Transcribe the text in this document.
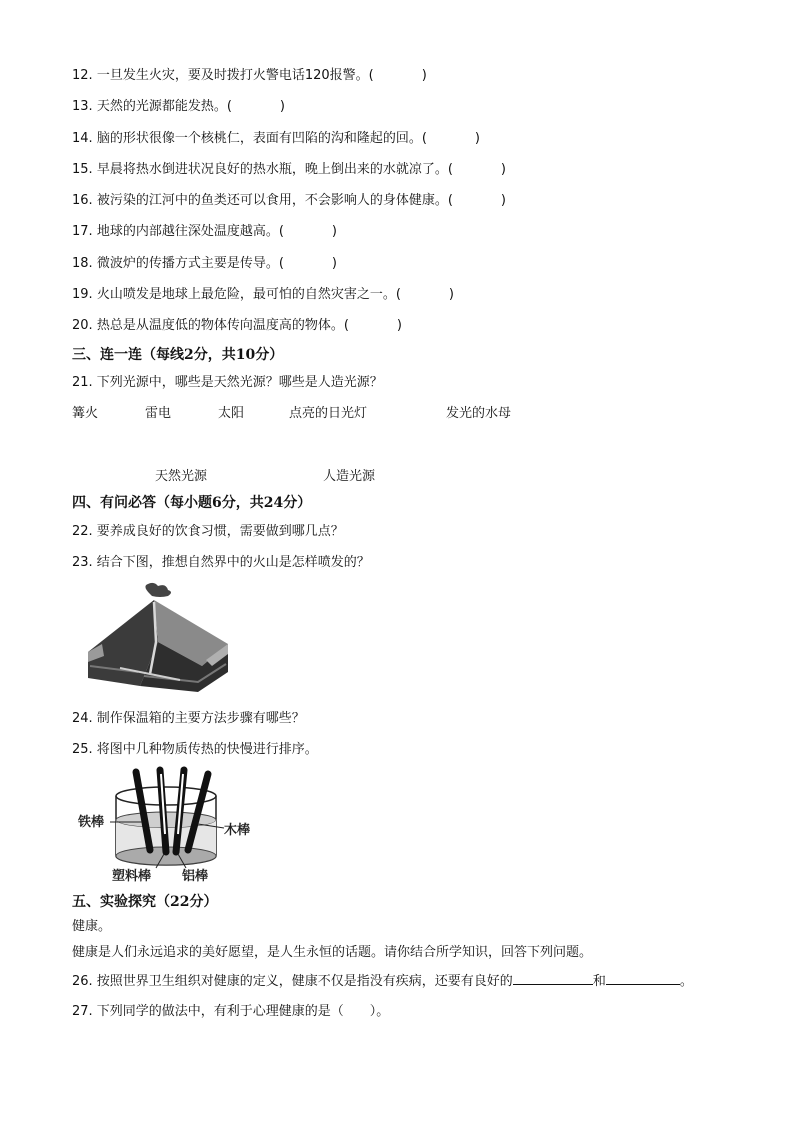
12. 一旦发生火灾，要及时拨打火警电话120报警。(	)
13. 天然的光源都能发热。(	)
14. 脑的形状很像一个核桃仁，表面有凹陷的沟和隆起的回。(	)
15. 早晨将热水倒进状况良好的热水瓶，晚上倒出来的水就凉了。(	)
16. 被污染的江河中的鱼类还可以食用，不会影响人的身体健康。(	)
17. 地球的内部越往深处温度越高。(	)
18. 微波炉的传播方式主要是传导。(	)
19. 火山喷发是地球上最危险，最可怕的自然灾害之一。(	)
20. 热总是从温度低的物体传向温度高的物体。(	)
三、连一连（每线2分，共10分）
21. 下列光源中，哪些是天然光源？哪些是人造光源？
篝火	雷电	太阳	点亮的日光灯	发光的水母
天然光源	人造光源
四、有问必答（每小题6分，共24分）
22. 要养成良好的饮食习惯，需要做到哪几点？
23. 结合下图，推想自然界中的火山是怎样喷发的？
24. 制作保温箱的主要方法步骤有哪些？
25. 将图中几种物质传热的快慢进行排序。
铁棒
木棒
塑料棒 铝棒
五、实验探究（22分）
健康。
健康是人们永远追求的美好愿望，是人生永恒的话题。请你结合所学知识，回答下列问题。
26. 按照世界卫生组织对健康的定义，健康不仅是指没有疾病，还要有良好的	和	。
27. 下列同学的做法中，有利于心理健康的是（　　）。
